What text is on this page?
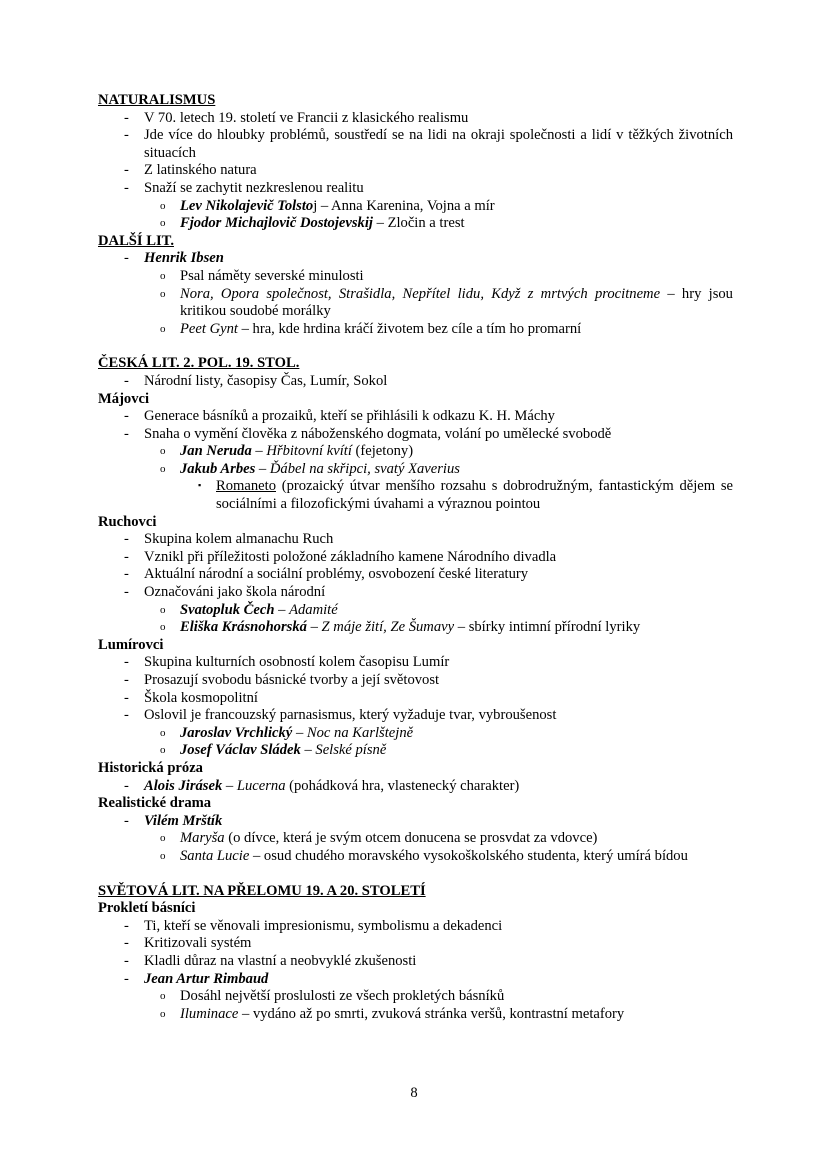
NATURALISMUS
- V 70. letech 19. století ve Francii z klasického realismu
- Jde více do hloubky problémů, soustředí se na lidi na okraji společnosti a lidí v těžkých životních situacích
- Z latinského natura
- Snaží se zachytit nezkreslenou realitu
o Lev Nikolajevič Tolstoj – Anna Karenina, Vojna a mír
o Fjodor Michajlovič Dostojevskij – Zločin a trest
DALŠÍ LIT.
- Henrik Ibsen
o Psal náměty severské minulosti
o Nora, Opora společnost, Strašidla, Nepřítel lidu, Když z mrtvých procitneme – hry jsou kritikou soudobé morálky
o Peet Gynt – hra, kde hrdina kráčí životem bez cíle a tím ho promarní
ČESKÁ LIT. 2. POL. 19. STOL.
- Národní listy, časopisy Čas, Lumír, Sokol
Májovci
- Generace básníků a prozaiků, kteří se přihlásili k odkazu K. H. Máchy
- Snaha o vymění člověka z náboženského dogmata, volání po umělecké svobodě
o Jan Neruda – Hřbitovní kvítí (fejetony)
o Jakub Arbes – Ďábel na skřipci, svatý Xaverius
▪ Romaneto (prozaický útvar menšího rozsahu s dobrodružným, fantastickým dějem se sociálními a filozofickými úvahami a výraznou pointou
Ruchovci
- Skupina kolem almanachu Ruch
- Vznikl při příležitosti položoné základního kamene Národního divadla
- Aktuální národní a sociální problémy, osvobození české literatury
- Označováni jako škola národní
o Svatopluk Čech – Adamité
o Eliška Krásnohorská – Z máje žití, Ze Šumavy – sbírky intimní přírodní lyriky
Lumírovci
- Skupina kulturních osobností kolem časopisu Lumír
- Prosazují svobodu básnické tvorby a její světovost
- Škola kosmopolitní
- Oslovil je francouzský parnasismus, který vyžaduje tvar, vybroušenost
o Jaroslav Vrchlický – Noc na Karlštejně
o Josef Václav Sládek – Selské písně
Historická próza
- Alois Jirásek – Lucerna (pohádková hra, vlastenecký charakter)
Realistické drama
- Vilém Mrštík
o Maryša (o dívce, která je svým otcem donucena se prosvdat za vdovce)
o Santa Lucie – osud chudého moravského vysokoškolského studenta, který umírá bídou
SVĚTOVÁ LIT. NA PŘELOMU 19. A 20. STOLETÍ
Prokletí básníci
- Ti, kteří se věnovali impresionismu, symbolismu a dekadenci
- Kritizovali systém
- Kladli důraz na vlastní a neobvyklé zkušenosti
- Jean Artur Rimbaud
o Dosáhl největší proslulosti ze všech prokletých básníků
o Iluminace – vydáno až po smrti, zvuková stránka veršů, kontrastní metafory
8
